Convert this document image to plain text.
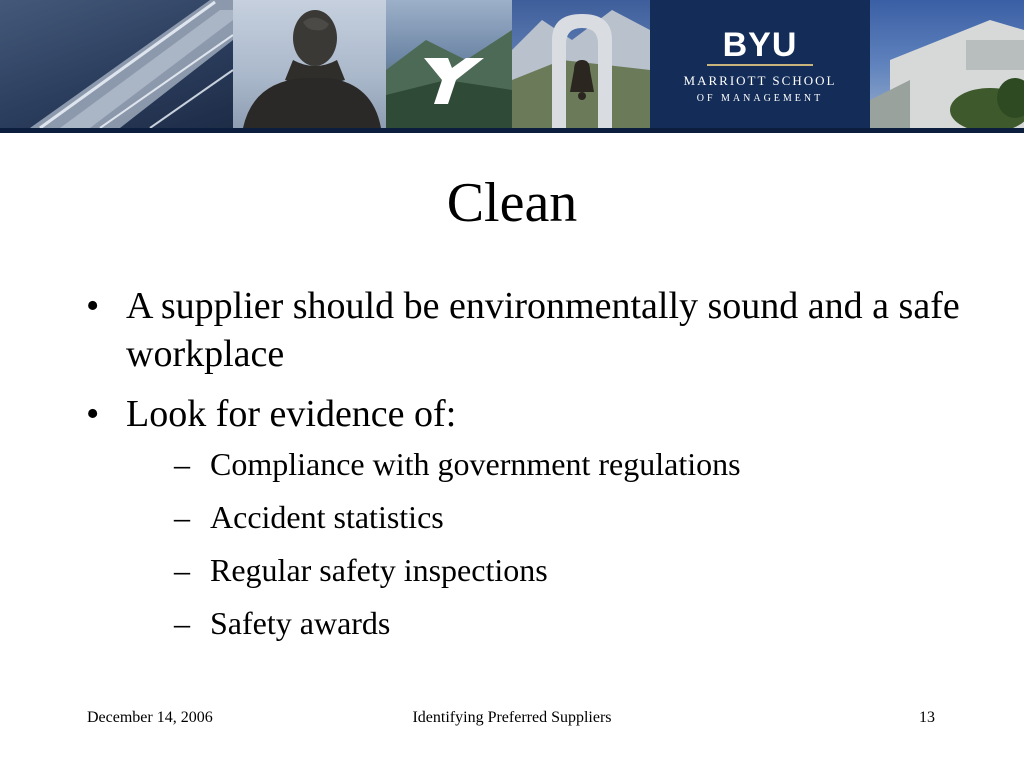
BYU
MARRIOTT SCHOOL
OF MANAGEMENT
Clean
• A supplier should be environmentally sound and a safe workplace
• Look for evidence of:
– Compliance with government regulations
– Accident statistics
– Regular safety inspections
– Safety awards
December 14, 2006	Identifying Preferred Suppliers	13
